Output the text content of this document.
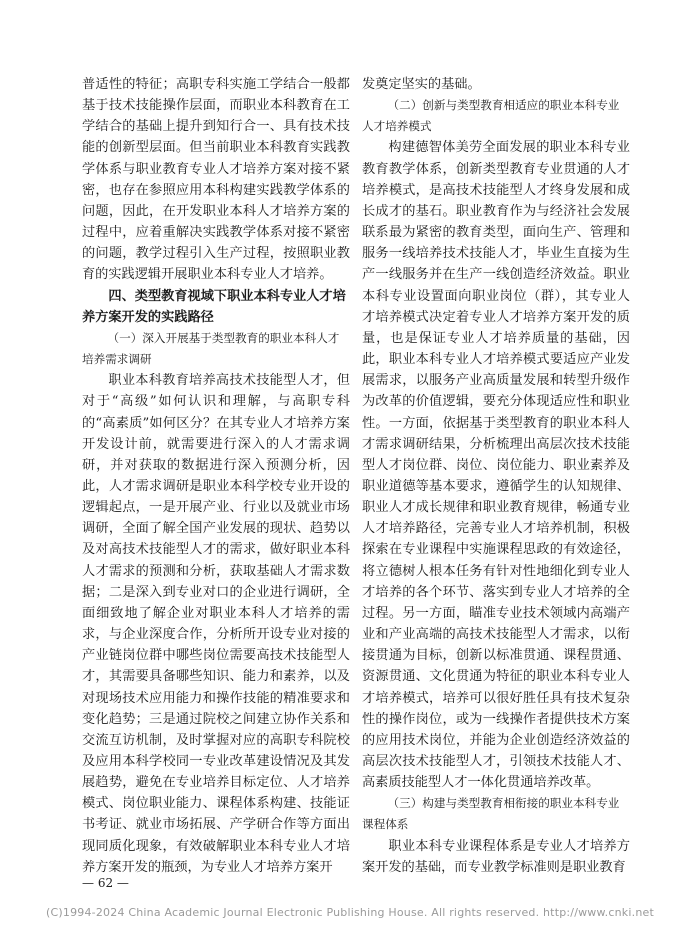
普适性的特征；高职专科实施工学结合一般都基于技术技能操作层面，而职业本科教育在工学结合的基础上提升到知行合一、具有技术技能的创新型层面。但当前职业本科教育实践教学体系与职业教育专业人才培养方案对接不紧密，也存在参照应用本科构建实践教学体系的问题，因此，在开发职业本科人才培养方案的过程中，应着重解决实践教学体系对接不紧密的问题，教学过程引入生产过程，按照职业教育的实践逻辑开展职业本科专业人才培养。

四、类型教育视域下职业本科专业人才培养方案开发的实践路径
（一）深入开展基于类型教育的职业本科人才培养需求调研

职业本科教育培养高技术技能型人才，但对于“高级”如何认识和理解，与高职专科的“高素质”如何区分？在其专业人才培养方案开发设计前，就需要进行深入的人才需求调研，并对获取的数据进行深入预测分析，因此，人才需求调研是职业本科学校专业开设的逻辑起点，一是开展产业、行业以及就业市场调研，全面了解全国产业发展的现状、趋势以及对高技术技能型人才的需求，做好职业本科人才需求的预测和分析，获取基础人才需求数据；二是深入到专业对口的企业进行调研，全面细致地了解企业对职业本科人才培养的需求，与企业深度合作，分析所开设专业对接的产业链岗位群中哪些岗位需要高技术技能型人才，其需要具备哪些知识、能力和素养，以及对现场技术应用能力和操作技能的精准要求和变化趋势；三是通过院校之间建立协作关系和交流互访机制，及时掌握对应的高职专科院校及应用本科学校同一专业改革建设情况及其发展趋势，避免在专业培养目标定位、人才培养模式、岗位职业能力、课程体系构建、技能证书考证、就业市场拓展、产学研合作等方面出现同质化现象，有效破解职业本科专业人才培养方案开发的瓶颈，为专业人才培养方案开

发奠定坚实的基础。

（二）创新与类型教育相适应的职业本科专业人才培养模式

构建德智体美劳全面发展的职业本科专业教育教学体系，创新类型教育专业贯通的人才培养模式，是高技术技能型人才终身发展和成长成才的基石。职业教育作为与经济社会发展联系最为紧密的教育类型，面向生产、管理和服务一线培养技术技能人才，毕业生直接为生产一线服务并在生产一线创造经济效益。职业本科专业设置面向职业岗位（群），其专业人才培养模式决定着专业人才培养方案开发的质量，也是保证专业人才培养质量的基础，因此，职业本科专业人才培养模式要适应产业发展需求，以服务产业高质量发展和转型升级作为改革的价值逻辑，要充分体现适应性和职业性。一方面，依据基于类型教育的职业本科人才需求调研结果，分析梳理出高层次技术技能型人才岗位群、岗位、岗位能力、职业素养及职业道德等基本要求，遵循学生的认知规律、职业人才成长规律和职业教育规律，畅通专业人才培养路径，完善专业人才培养机制，积极探索在专业课程中实施课程思政的有效途径，将立德树人根本任务有针对性地细化到专业人才培养的各个环节、落实到专业人才培养的全过程。另一方面，瞄准专业技术领域内高端产业和产业高端的高技术技能型人才需求，以衔接贯通为目标，创新以标准贯通、课程贯通、资源贯通、文化贯通为特征的职业本科专业人才培养模式，培养可以很好胜任具有技术复杂性的操作岗位，或为一线操作者提供技术方案的应用技术岗位，并能为企业创造经济效益的高层次技术技能型人才，引领技术技能人才、高素质技能型人才一体化贯通培养改革。

（三）构建与类型教育相衔接的职业本科专业课程体系

职业本科专业课程体系是专业人才培养方案开发的基础，而专业教学标准则是职业教育

— 62 —
(C)1994-2024 China Academic Journal Electronic Publishing House. All rights reserved. http://www.cnki.net
